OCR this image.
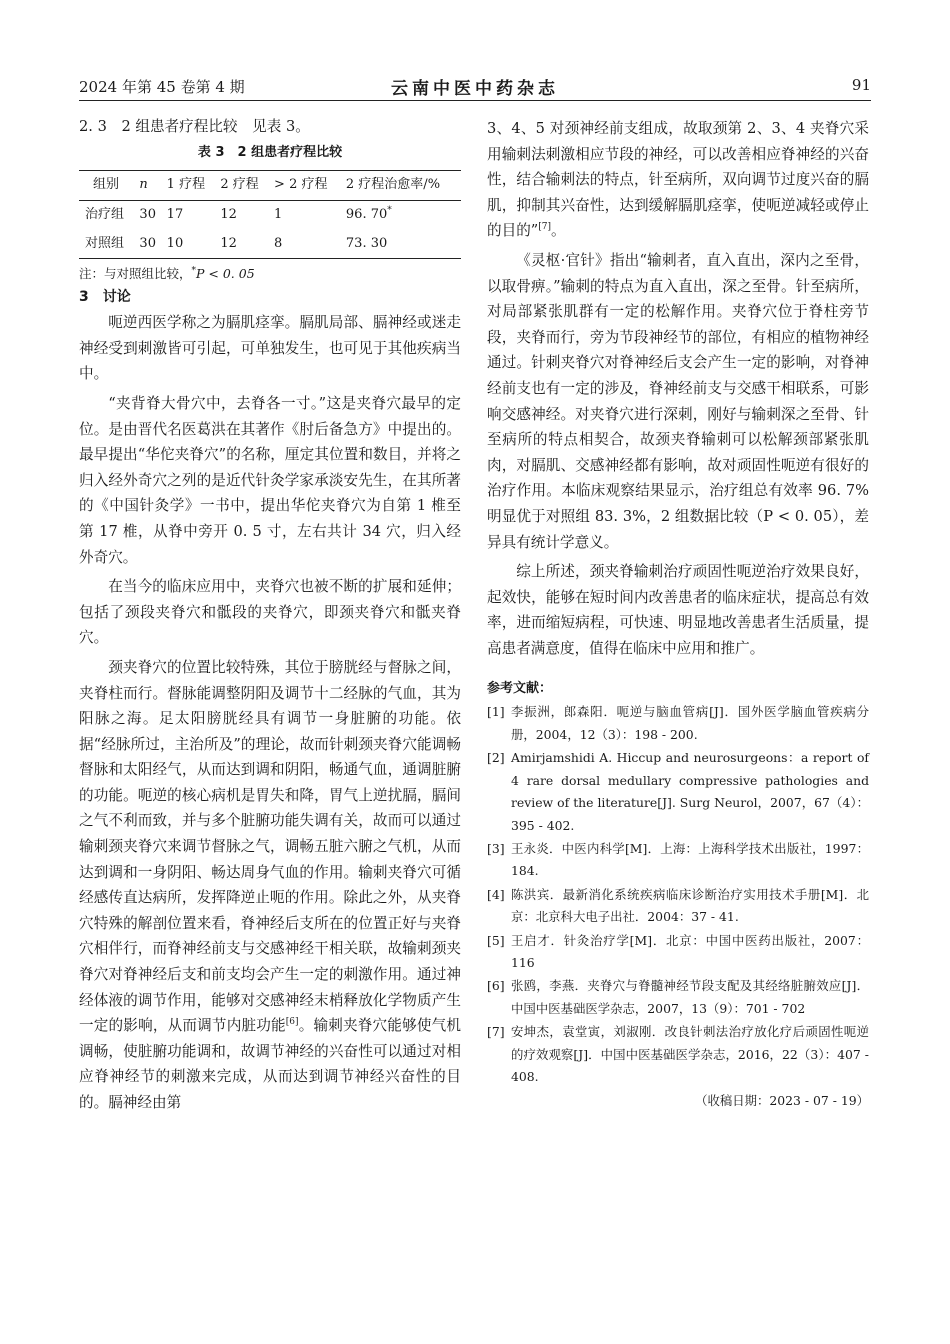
2024 年第 45 卷第 4 期	云南中医中药杂志	91

2. 3　2 组患者疗程比较　见表 3。

表 3　2 组患者疗程比较
组别	n	1 疗程	2 疗程	> 2 疗程	2 疗程治愈率/%
治疗组	30	17	12	1	96. 70*
对照组	30	10	12	8	73. 30

注：与对照组比较，*P < 0. 05

3　讨论

呃逆西医学称之为膈肌痉挛。膈肌局部、膈神经或迷走神经受到刺激皆可引起，可单独发生，也可见于其他疾病当中。

“夹背脊大骨穴中，去脊各一寸。”这是夹脊穴最早的定位。是由晋代名医葛洪在其著作《肘后备急方》中提出的。最早提出“华佗夹脊穴”的名称，厘定其位置和数目，并将之归入经外奇穴之列的是近代针灸学家承淡安先生，在其所著的《中国针灸学》一书中，提出华佗夹脊穴为自第 1 椎至第 17 椎，从脊中旁开 0. 5 寸，左右共计 34 穴，归入经外奇穴。

在当今的临床应用中，夹脊穴也被不断的扩展和延伸；包括了颈段夹脊穴和骶段的夹脊穴，即颈夹脊穴和骶夹脊穴。

颈夹脊穴的位置比较特殊，其位于膀胱经与督脉之间，夹脊柱而行。督脉能调整阴阳及调节十二经脉的气血，其为阳脉之海。足太阳膀胱经具有调节一身脏腑的功能。依据“经脉所过，主治所及”的理论，故而针刺颈夹脊穴能调畅督脉和太阳经气，从而达到调和阴阳，畅通气血，通调脏腑的功能。呃逆的核心病机是胃失和降，胃气上逆扰膈，膈间之气不利而致，并与多个脏腑功能失调有关，故而可以通过输刺颈夹脊穴来调节督脉之气，调畅五脏六腑之气机，从而达到调和一身阴阳、畅达周身气血的作用。输刺夹脊穴可循经感传直达病所，发挥降逆止呃的作用。除此之外，从夹脊穴特殊的解剖位置来看，脊神经后支所在的位置正好与夹脊穴相伴行，而脊神经前支与交感神经干相关联，故输刺颈夹脊穴对脊神经后支和前支均会产生一定的刺激作用。通过神经体液的调节作用，能够对交感神经末梢释放化学物质产生一定的影响，从而调节内脏功能[6]。输刺夹脊穴能够使气机调畅，使脏腑功能调和，故调节神经的兴奋性可以通过对相应脊神经节的刺激来完成，从而达到调节神经兴奋性的目的。膈神经由第

3、4、5 对颈神经前支组成，故取颈第 2、3、4 夹脊穴采用输刺法刺激相应节段的神经，可以改善相应脊神经的兴奋性，结合输刺法的特点，针至病所，双向调节过度兴奋的膈肌，抑制其兴奋性，达到缓解膈肌痉挛，使呃逆减轻或停止的目的”[7]。

《灵枢·官针》指出“输刺者，直入直出，深内之至骨，以取骨痹。”输刺的特点为直入直出，深之至骨。针至病所，对局部紧张肌群有一定的松解作用。夹脊穴位于脊柱旁节段，夹脊而行，旁为节段神经节的部位，有相应的植物神经通过。针刺夹脊穴对脊神经后支会产生一定的影响，对脊神经前支也有一定的涉及，脊神经前支与交感干相联系，可影响交感神经。对夹脊穴进行深刺，刚好与输刺深之至骨、针至病所的特点相契合，故颈夹脊输刺可以松解颈部紧张肌肉，对膈肌、交感神经都有影响，故对顽固性呃逆有很好的治疗作用。本临床观察结果显示，治疗组总有效率 96. 7% 明显优于对照组 83. 3%，2 组数据比较（P < 0. 05），差异具有统计学意义。

综上所述，颈夹脊输刺治疗顽固性呃逆治疗效果良好，起效快，能够在短时间内改善患者的临床症状，提高总有效率，进而缩短病程，可快速、明显地改善患者生活质量，提高患者满意度，值得在临床中应用和推广。

参考文献：
[1] 李振洲，郎森阳．呃逆与脑血管病[J]．国外医学脑血管疾病分册，2004，12（3）：198 - 200.
[2] Amirjamshidi A. Hiccup and neurosurgeons：a report of 4 rare dorsal medullary compressive pathologies and review of the literature[J]. Surg Neurol，2007，67（4）：395 - 402.
[3] 王永炎．中医内科学[M]．上海：上海科学技术出版社，1997：184.
[4] 陈洪宾．最新消化系统疾病临床诊断治疗实用技术手册[M]．北京：北京科大电子出社．2004：37 - 41.
[5] 王启才．针灸治疗学[M]．北京：中国中医药出版社，2007：116
[6] 张鸥，李燕．夹脊穴与脊髓神经节段支配及其经络脏腑效应[J]．中国中医基础医学杂志，2007，13（9）：701 - 702
[7] 安坤杰，袁堂寅，刘淑刚．改良针刺法治疗放化疗后顽固性呃逆的疗效观察[J]．中国中医基础医学杂志，2016，22（3）：407 - 408.
（收稿日期：2023 - 07 - 19）
